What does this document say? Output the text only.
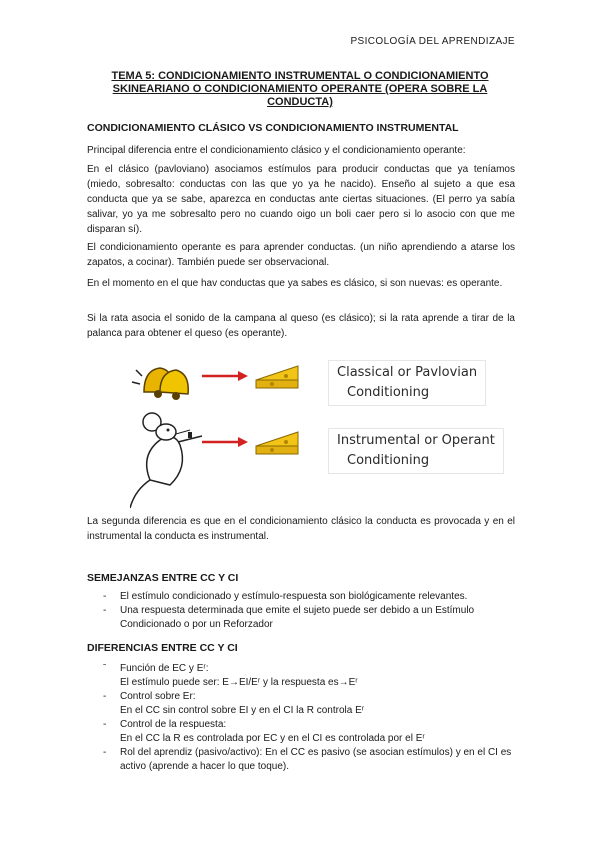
PSICOLOGÍA DEL APRENDIZAJE
TEMA 5: CONDICIONAMIENTO INSTRUMENTAL O CONDICIONAMIENTO SKINEARIANO O CONDICIONAMIENTO OPERANTE (OPERA SOBRE LA CONDUCTA)
CONDICIONAMIENTO CLÁSICO VS CONDICIONAMIENTO INSTRUMENTAL
Principal diferencia entre el condicionamiento clásico y el condicionamiento operante:
En el clásico (pavloviano) asociamos estímulos para producir conductas que ya teníamos (miedo, sobresalto: conductas con las que yo ya he nacido). Enseño al sujeto a que esa conducta que ya se sabe, aparezca en conductas ante ciertas situaciones. (El perro ya sabía salivar, yo ya me sobresalto pero no cuando oigo un boli caer pero si lo asocio con que me disparan sí).
El condicionamiento operante es para aprender conductas. (un niño aprendiendo a atarse los zapatos, a cocinar). También puede ser observacional.
En el momento en el que hav conductas que ya sabes es clásico, si son nuevas: es operante.
Si la rata asocia el sonido de la campana al queso (es clásico); si la rata aprende a tirar de la palanca para obtener el queso (es operante).
Classical or Pavlovian
Conditioning
Instrumental or Operant
Conditioning
La segunda diferencia es que en el condicionamiento clásico la conducta es provocada y en el instrumental la conducta es instrumental.
SEMEJANZAS ENTRE CC Y CI
- El estímulo condicionado y estímulo-respuesta son biológicamente relevantes.
- Una respuesta determinada que emite el sujeto puede ser debido a un Estímulo Condicionado o por un Reforzador
DIFERENCIAS ENTRE CC Y CI
ˉ Función de EC y Eʳ:
El estímulo puede ser: E→EI/Eʳ y la respuesta es→Eʳ
- Control sobre Er:
En el CC sin control sobre EI y en el CI la R controla Eʳ
- Control de la respuesta:
En el CC la R es controlada por EC y en el CI es controlada por el Eʳ
- Rol del aprendiz (pasivo/activo): En el CC es pasivo (se asocian estímulos) y en el CI es activo (aprende a hacer lo que toque).
